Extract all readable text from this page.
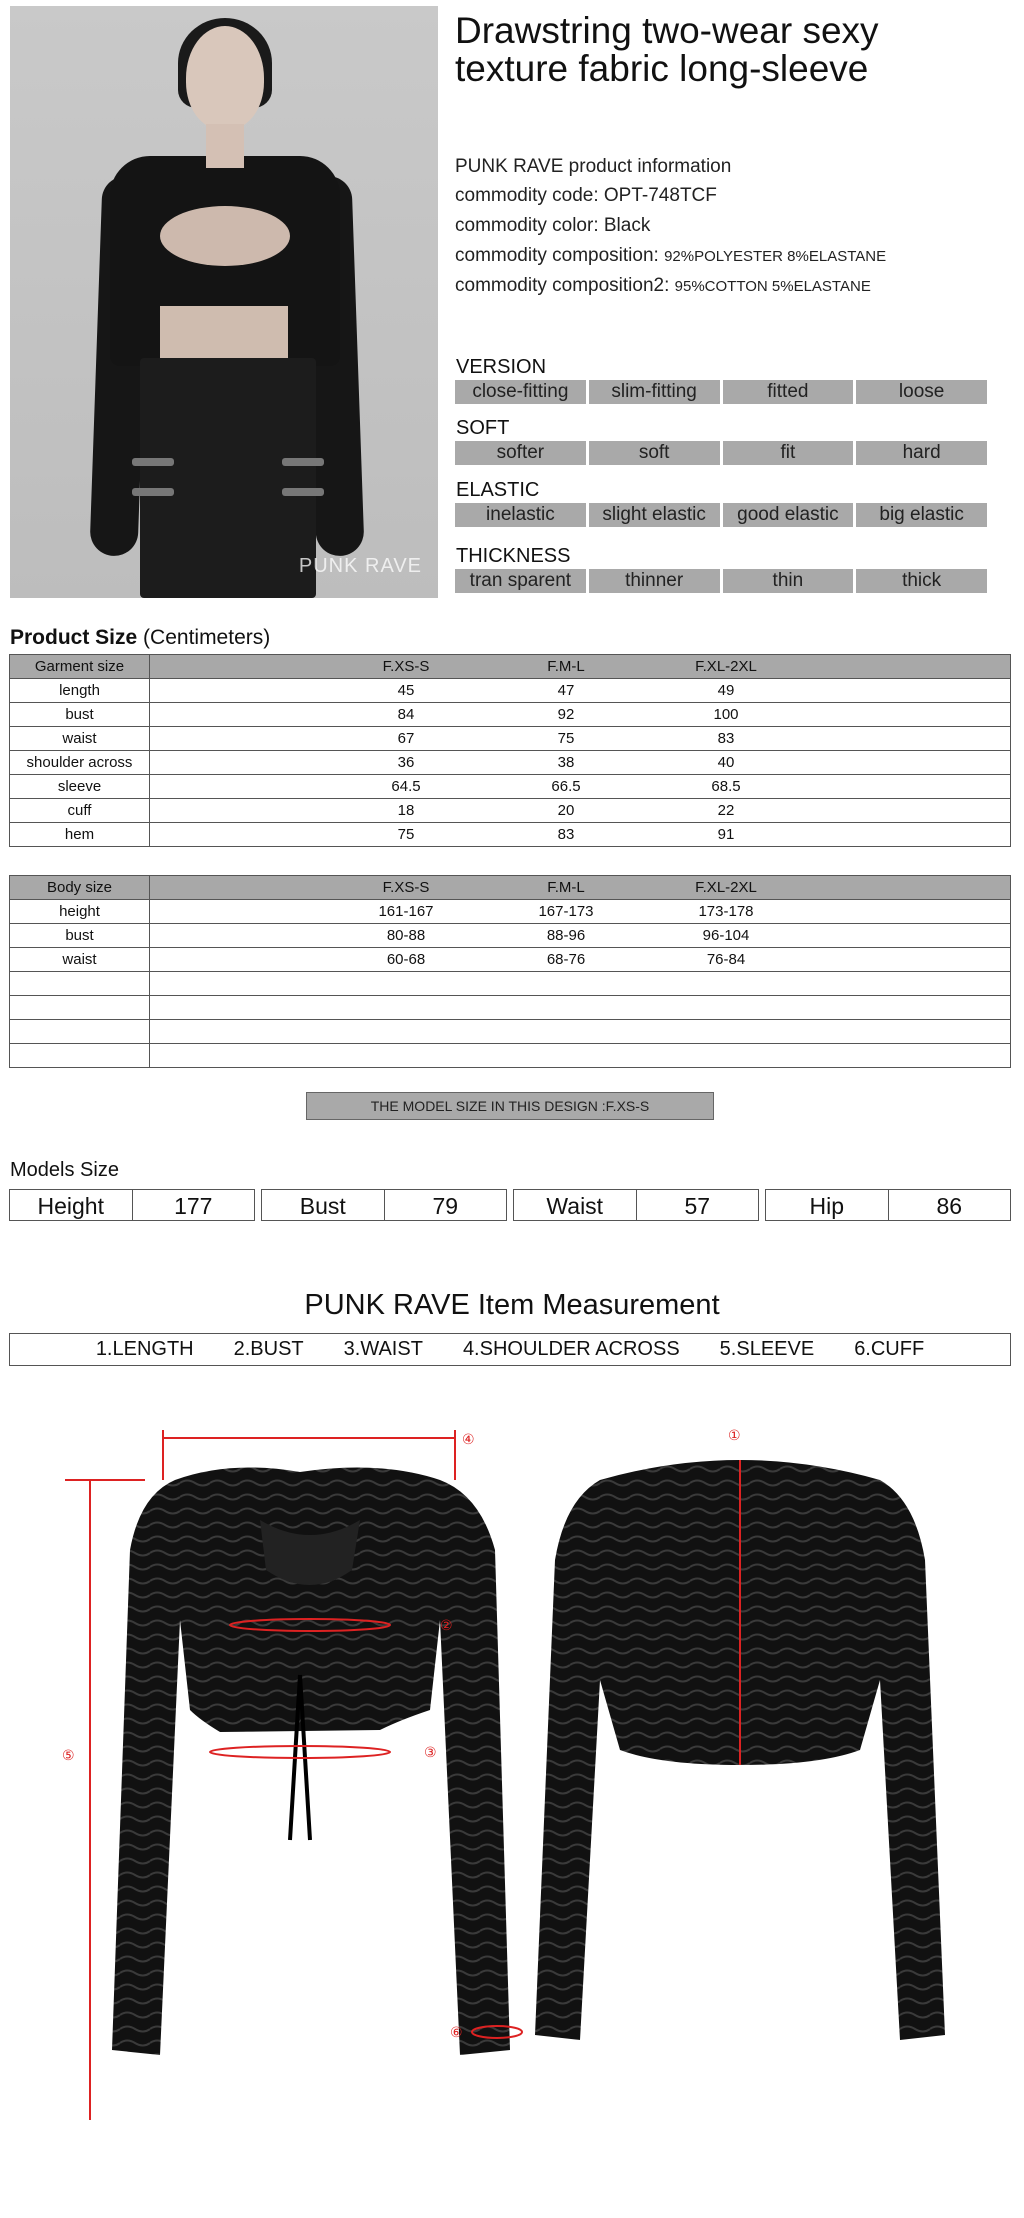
PUNK RAVE
Drawstring two-wear sexy
texture fabric long-sleeve
PUNK RAVE product information
commodity code: OPT-748TCF
commodity color: Black
commodity composition: 92%POLYESTER 8%ELASTANE
commodity composition2: 95%COTTON 5%ELASTANE
VERSION
close-fitting	slim-fitting	fitted	loose
SOFT
softer	soft	fit	hard
ELASTIC
inelastic	slight elastic	good elastic	big elastic
THICKNESS
tran sparent	thinner	thin	thick
Product Size (Centimeters)
Garment size	F.XS-S F.M-L F.XL-2XL

length	45 47 49

bust	84 92 100

waist	67 75 83

shoulder across	36 38 40

sleeve	64.5 66.5 68.5

cuff	18 20 22

hem	75 83 91
Body size	F.XS-S F.M-L F.XL-2XL

height	161-167 167-173 173-178

bust	80-88 88-96 96-104

waist	60-68 68-76 76-84

THE MODEL SIZE IN THIS DESIGN :F.XS-S
Models Size
Height	177	Bust	79	Waist	57	Hip	86
PUNK RAVE Item Measurement
1.LENGTH 2.BUST 3.WAIST 4.SHOULDER ACROSS 5.SLEEVE 6.CUFF
④	①
②
③
⑤
⑥
